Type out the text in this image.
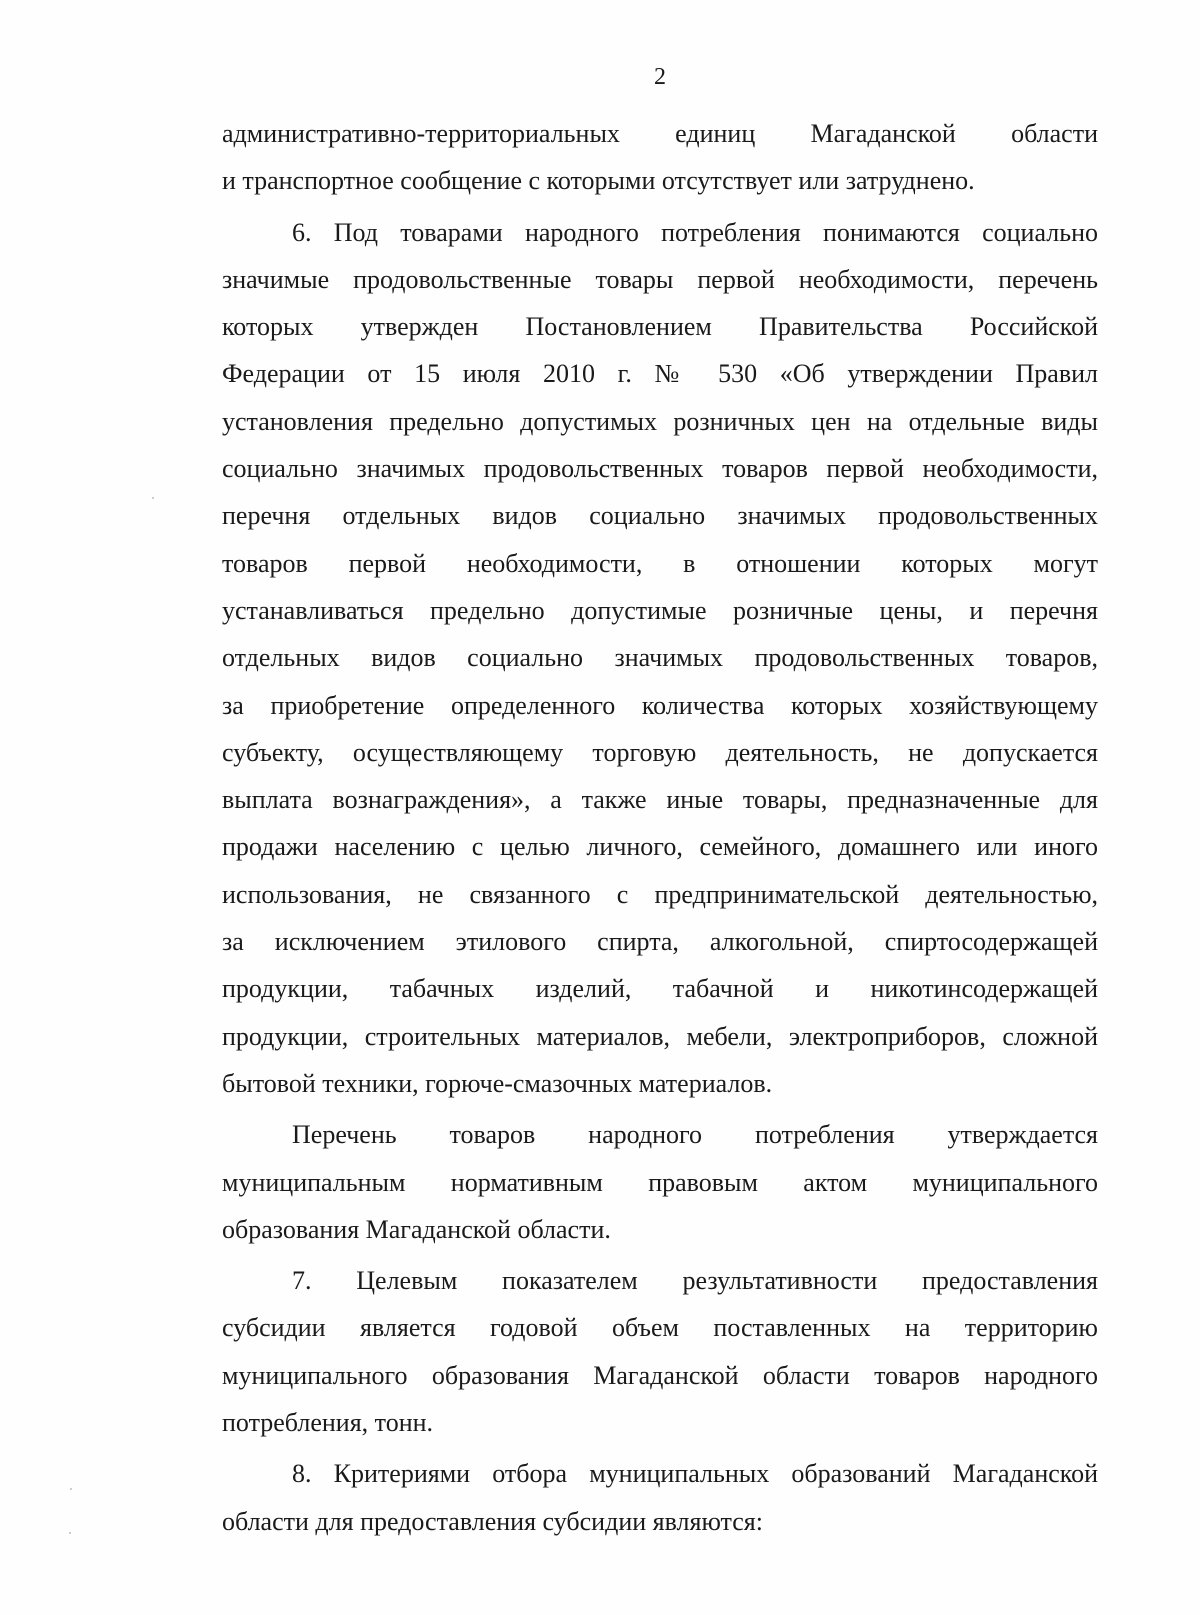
2
административно-территориальных единиц Магаданской области
и транспортное сообщение с которыми отсутствует или затруднено.
6. Под товарами народного потребления понимаются социально
значимые продовольственные товары первой необходимости, перечень
которых утвержден Постановлением Правительства Российской
Федерации от 15 июля 2010 г. № 530 «Об утверждении Правил
установления предельно допустимых розничных цен на отдельные виды
социально значимых продовольственных товаров первой необходимости,
перечня отдельных видов социально значимых продовольственных
товаров первой необходимости, в отношении которых могут
устанавливаться предельно допустимые розничные цены, и перечня
отдельных видов социально значимых продовольственных товаров,
за приобретение определенного количества которых хозяйствующему
субъекту, осуществляющему торговую деятельность, не допускается
выплата вознаграждения», а также иные товары, предназначенные для
продажи населению с целью личного, семейного, домашнего или иного
использования, не связанного с предпринимательской деятельностью,
за исключением этилового спирта, алкогольной, спиртосодержащей
продукции, табачных изделий, табачной и никотинсодержащей
продукции, строительных материалов, мебели, электроприборов, сложной
бытовой техники, горюче-смазочных материалов.
Перечень товаров народного потребления утверждается
муниципальным нормативным правовым актом муниципального
образования Магаданской области.
7. Целевым показателем результативности предоставления
субсидии является годовой объем поставленных на территорию
муниципального образования Магаданской области товаров народного
потребления, тонн.
8. Критериями отбора муниципальных образований Магаданской
области для предоставления субсидии являются:
